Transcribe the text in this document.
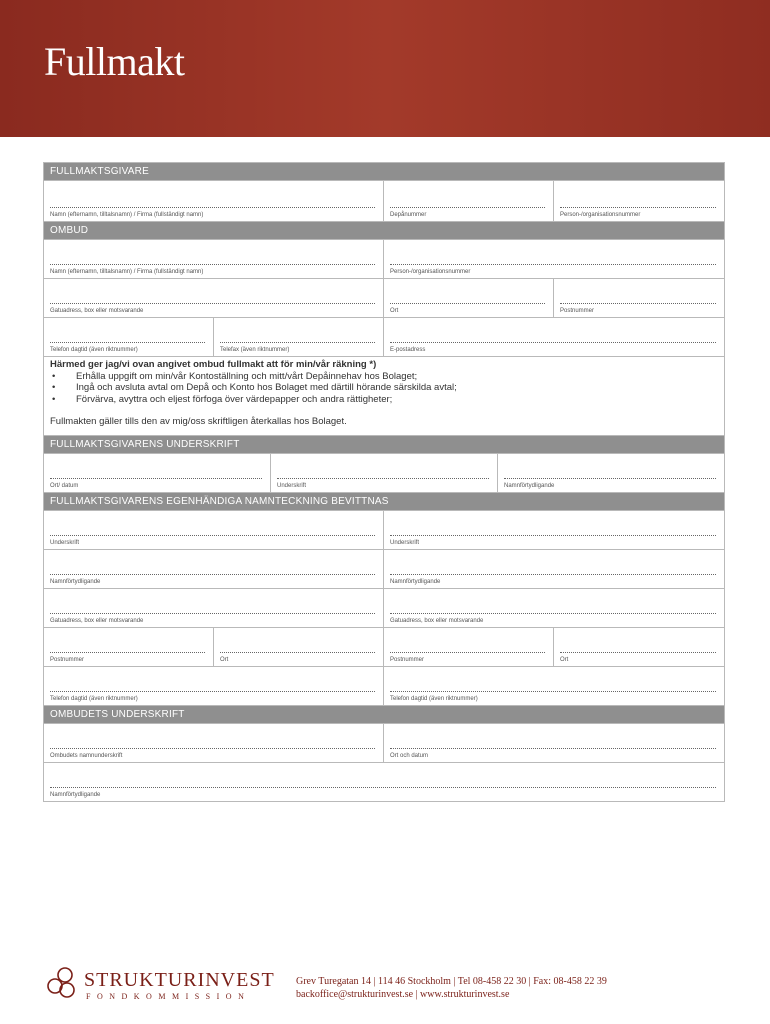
Fullmakt
FULLMAKTSGIVARE
Namn (efternamn, tilltalsnamn) / Firma (fullständigt namn)	Depånummer	Person-/organisationsnummer
OMBUD
Namn (efternamn, tilltalsnamn) / Firma (fullständigt namn)	Person-/organisationsnummer
Gatuadress, box eller motsvarande	Ort	Postnummer
Telefon dagtid (även riktnummer)	Telefax (även riktnummer)	E-postadress
Härmed ger jag/vi ovan angivet ombud fullmakt att för min/vår räkning *)
•	Erhålla uppgift om min/vår Kontoställning och mitt/vårt Depåinnehav hos Bolaget;
•	Ingå och avsluta avtal om Depå och Konto hos Bolaget med därtill hörande särskilda avtal;
•	Förvärva, avyttra och eljest förfoga över värdepapper och andra rättigheter;
Fullmakten gäller tills den av mig/oss skriftligen återkallas hos Bolaget.
FULLMAKTSGIVARENS UNDERSKRIFT
Ort/ datum	Underskrift	Namnförtydligande
FULLMAKTSGIVARENS EGENHÄNDIGA NAMNTECKNING BEVITTNAS
Underskrift	Underskrift
Namnförtydligande	Namnförtydligande
Gatuadress, box eller motsvarande	Gatuadress, box eller motsvarande
Postnummer	Ort	Postnummer	Ort
Telefon dagtid (även riktnummer)	Telefon dagtid (även riktnummer)
OMBUDETS UNDERSKRIFT
Ombudets namnunderskrift	Ort och datum
Namnförtydligande
STRUKTURINVEST
FONDKOMMISSION
Grev Turegatan 14 | 114 46 Stockholm | Tel 08-458 22 30 | Fax: 08-458 22 39
backoffice@strukturinvest.se | www.strukturinvest.se
